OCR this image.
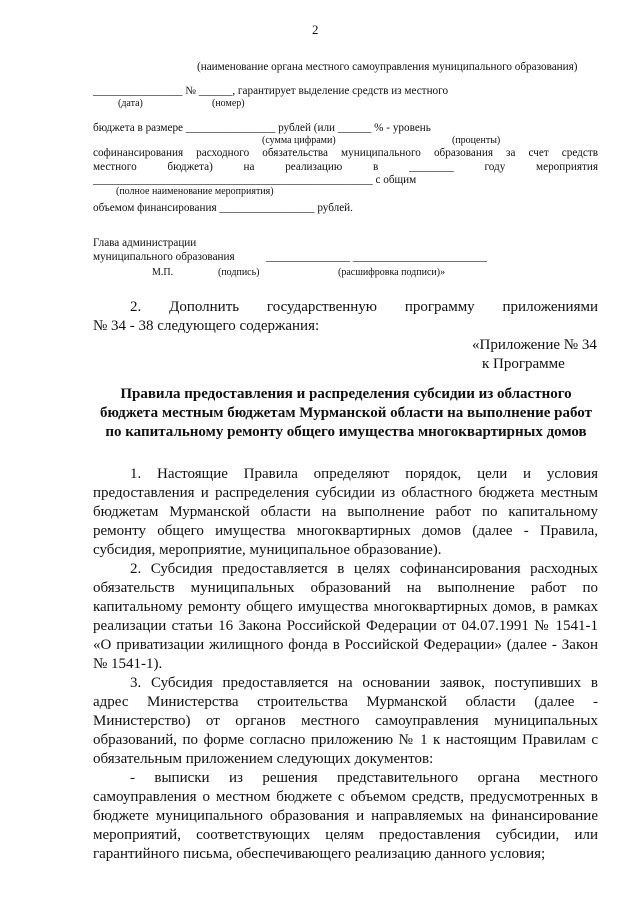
2
(наименование органа местного самоуправления муниципального образования)
________________ № ______, гарантирует выделение средств из местного
(дата)	(номер)
бюджета в размере ________________ рублей (или ______ % - уровень
(сумма цифрами)	(проценты)
софинансирования расходного обязательства муниципального образования за счет средств
местного бюджета) на реализацию в ________ году мероприятия
__________________________________________________ с общим
(полное наименование мероприятия)
объемом финансирования _________________ рублей.
Глава администрации
муниципального образования	_______________ ________________________
М.П.	(подпись)	(расшифровка подписи)»
2. Дополнить государственную программу приложениями
№ 34 - 38 следующего содержания:
«Приложение № 34
к Программе
Правила предоставления и распределения субсидии из областного
бюджета местным бюджетам Мурманской области на выполнение работ
по капитальному ремонту общего имущества многоквартирных домов
1. Настоящие Правила определяют порядок, цели и условия
предоставления и распределения субсидии из областного бюджета местным
бюджетам Мурманской области на выполнение работ по капитальному
ремонту общего имущества многоквартирных домов (далее - Правила,
субсидия, мероприятие, муниципальное образование).
2. Субсидия предоставляется в целях софинансирования расходных
обязательств муниципальных образований на выполнение работ по
капитальному ремонту общего имущества многоквартирных домов, в рамках
реализации статьи 16 Закона Российской Федерации от 04.07.1991 № 1541-1
«О приватизации жилищного фонда в Российской Федерации» (далее - Закон
№ 1541-1).
3. Субсидия предоставляется на основании заявок, поступивших в
адрес Министерства строительства Мурманской области (далее -
Министерство) от органов местного самоуправления муниципальных
образований, по форме согласно приложению № 1 к настоящим Правилам с
обязательным приложением следующих документов:
- выписки из решения представительного органа местного
самоуправления о местном бюджете с объемом средств, предусмотренных в
бюджете муниципального образования и направляемых на финансирование
мероприятий, соответствующих целям предоставления субсидии, или
гарантийного письма, обеспечивающего реализацию данного условия;
